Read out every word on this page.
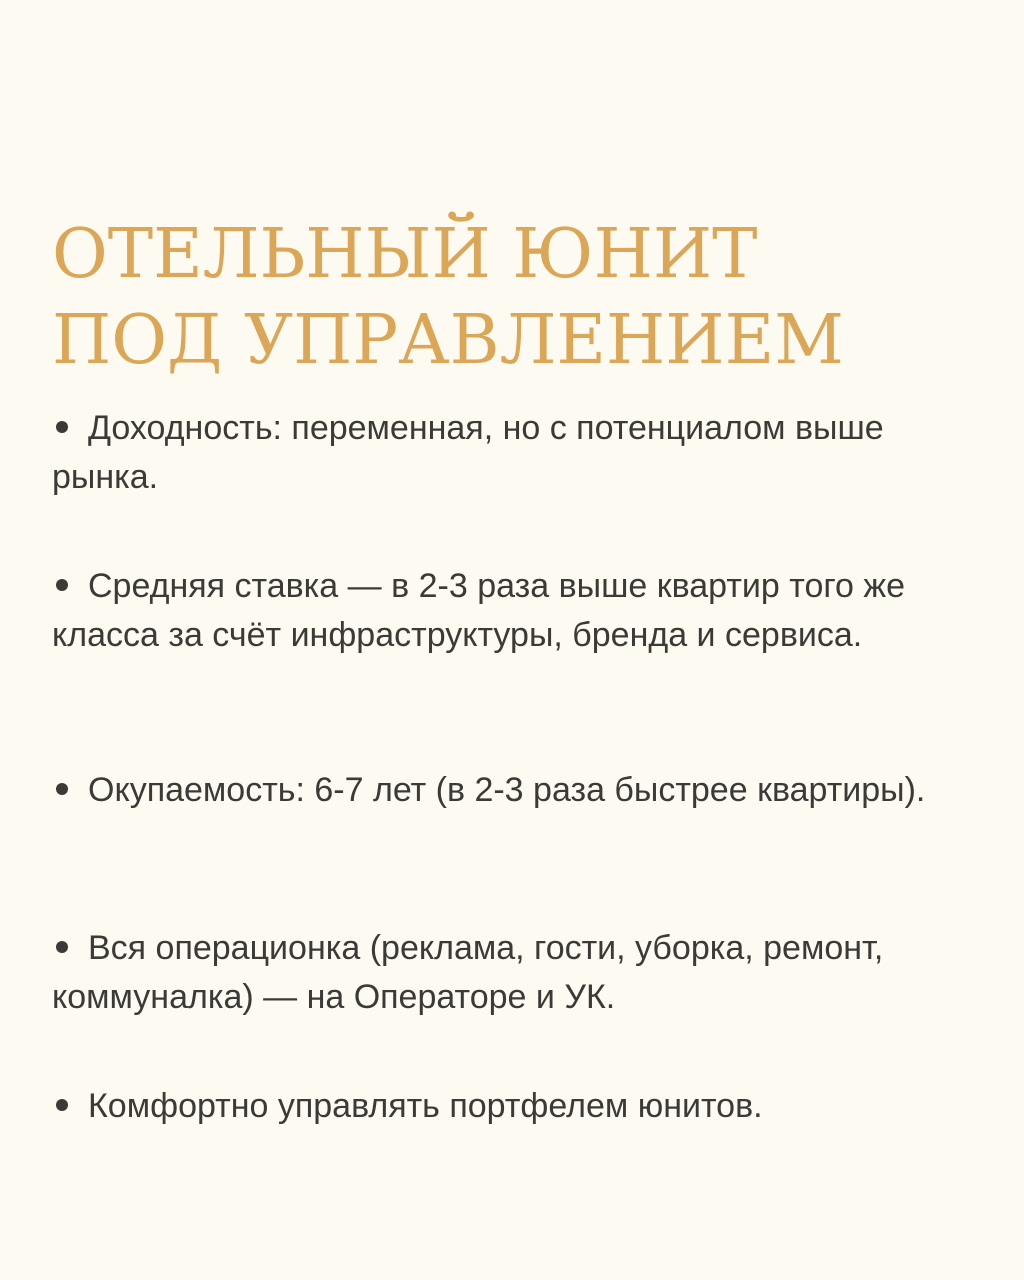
ОТЕЛЬНЫЙ ЮНИТ
ПОД УПРАВЛЕНИЕМ
Доходность: переменная, но с потенциалом выше рынка.
Средняя ставка — в 2-3 раза выше квартир того же класса за счёт инфраструктуры, бренда и сервиса.
Окупаемость: 6-7 лет (в 2-3 раза быстрее квартиры).
Вся операционка (реклама, гости, уборка, ремонт, коммуналка) — на Операторе и УК.
Комфортно управлять портфелем юнитов.
